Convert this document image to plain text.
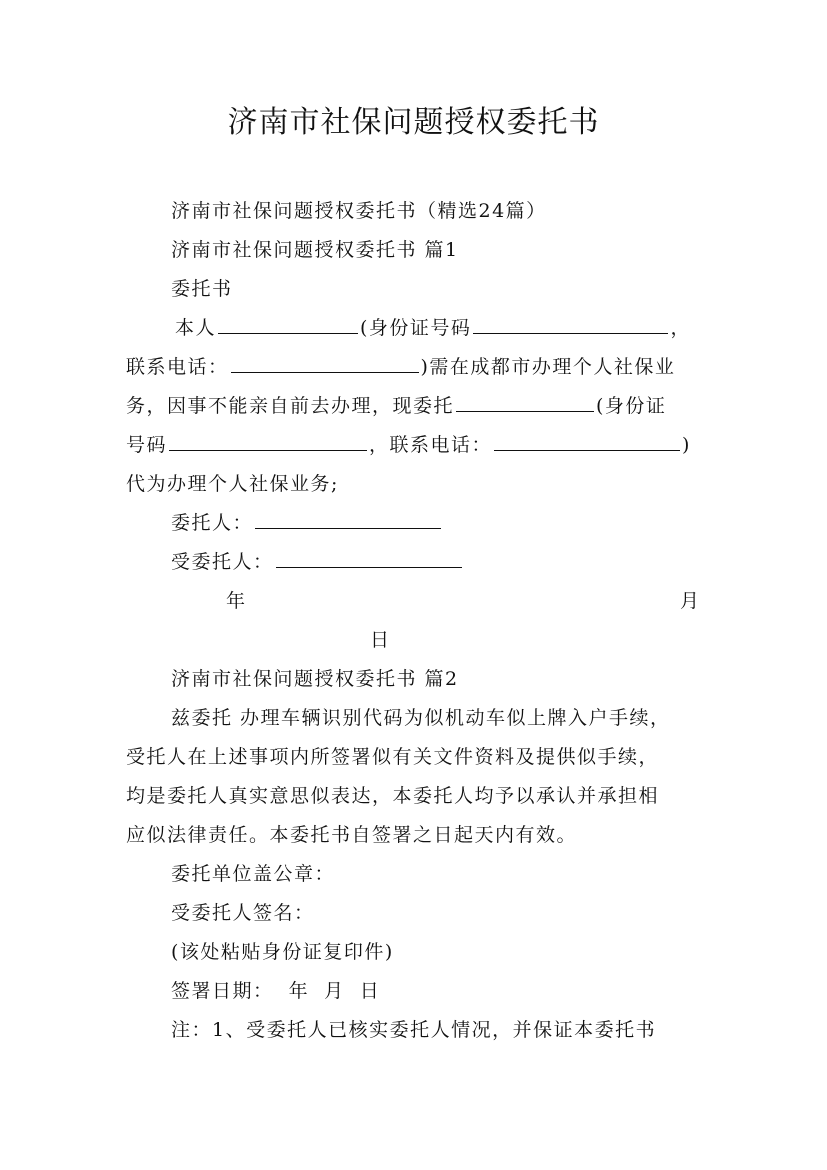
济南市社保问题授权委托书
济南市社保问题授权委托书（精选24篇）
济南市社保问题授权委托书 篇1
委托书
本人	(身份证号码	，
联系电话：	)需在成都市办理个人社保业
务，因事不能亲自前去办理，现委托	(身份证
号码	，联系电话：	)
代为办理个人社保业务;
委托人：
受委托人：
年	月
日
济南市社保问题授权委托书 篇2
兹委托 办理车辆识别代码为似机动车似上牌入户手续，
受托人在上述事项内所签署似有关文件资料及提供似手续，
均是委托人真实意思似表达，本委托人均予以承认并承担相
应似法律责任。本委托书自签署之日起天内有效。
委托单位盖公章：
受委托人签名：
(该处粘贴身份证复印件)
签署日期：  年  月  日
注：1、受委托人已核实委托人情况，并保证本委托书
